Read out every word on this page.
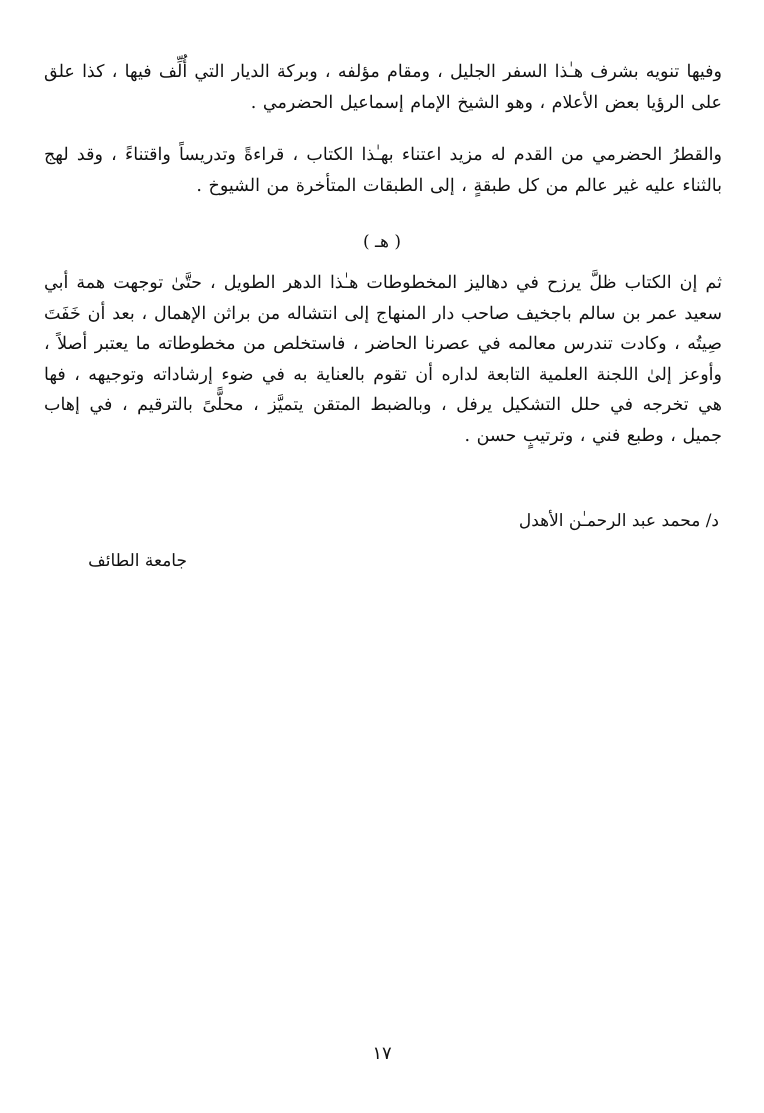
وفيها تنويه بشرف هـٰذا السفر الجليل ، ومقام مؤلفه ، وبركة الديار التي أُلِّف فيها ، كذا علق على الرؤيا بعض الأعلام ، وهو الشيخ الإمام إسماعيل الحضرمي .

والقطرُ الحضرمي من القدم له مزيد اعتناء بهـٰذا الكتاب ، قراءةً وتدريساً واقتناءً ، وقد لهج بالثناء عليه غير عالم من كل طبقةٍ ، إلى الطبقات المتأخرة من الشيوخ .

( هـ )

ثم إن الكتاب ظلَّ يرزح في دهاليز المخطوطات هـٰذا الدهر الطويل ، حتَّىٰ توجهت همة أبي سعيد عمر بن سالم باجخيف صاحب دار المنهاج إلى انتشاله من براثن الإهمال ، بعد أن خَفَتَ صِيتُه ، وكادت تندرس معالمه في عصرنا الحاضر ، فاستخلص من مخطوطاته ما يعتبر أصلاً ، وأوعز إلىٰ اللجنة العلمية التابعة لداره أن تقوم بالعناية به في ضوء إرشاداته وتوجيهه ، فها هي تخرجه في حلل التشكيل يرفل ، وبالضبط المتقن يتميَّز ، محلًّىً بالترقيم ، في إهاب جميل ، وطبع فني ، وترتيبٍ حسن .

د/ محمد عبد الرحمـٰن الأهدل
جامعة الطائف
١٧
